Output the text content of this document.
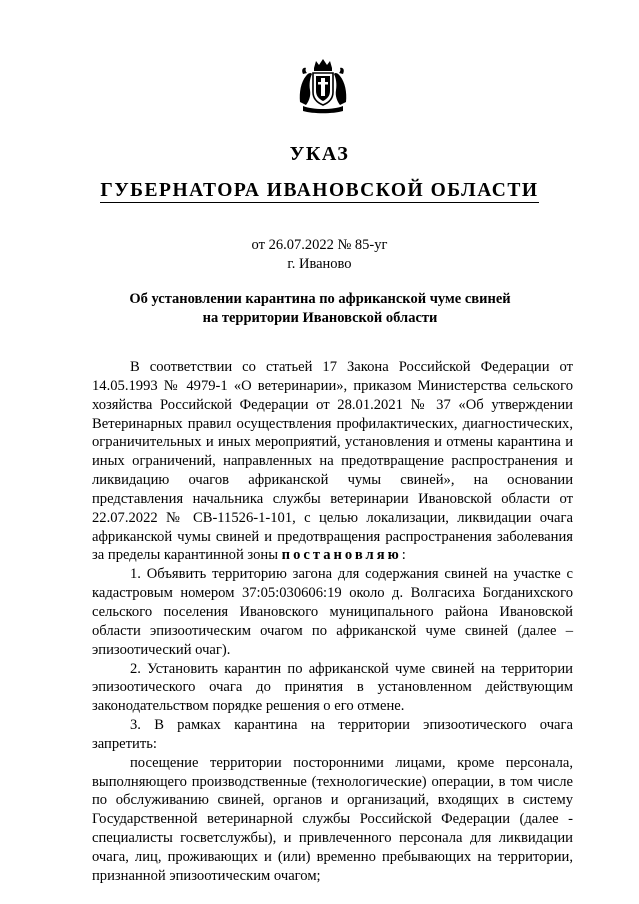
УКАЗ
ГУБЕРНАТОРА ИВАНОВСКОЙ ОБЛАСТИ
от 26.07.2022 № 85-уг
г. Иваново
Об установлении карантина по африканской чуме свиней
на территории Ивановской области

В соответствии со статьей 17 Закона Российской Федерации от 14.05.1993 № 4979-1 «О ветеринарии», приказом Министерства сельского хозяйства Российской Федерации от 28.01.2021 № 37 «Об утверждении Ветеринарных правил осуществления профилактических, диагностических, ограничительных и иных мероприятий, установления и отмены карантина и иных ограничений, направленных на предотвращение распространения и ликвидацию очагов африканской чумы свиней», на основании представления начальника службы ветеринарии Ивановской области от 22.07.2022 № СВ-11526-1-101, с целью локализации, ликвидации очага африканской чумы свиней и предотвращения распространения заболевания за пределы карантинной зоны постановляю:

1. Объявить территорию загона для содержания свиней на участке с кадастровым номером 37:05:030606:19 около д. Волгасиха Богданихского сельского поселения Ивановского муниципального района Ивановской области эпизоотическим очагом по африканской чуме свиней (далее – эпизоотический очаг).

2. Установить карантин по африканской чуме свиней на территории эпизоотического очага до принятия в установленном действующим законодательством порядке решения о его отмене.

3. В рамках карантина на территории эпизоотического очага запретить:

посещение территории посторонними лицами, кроме персонала, выполняющего производственные (технологические) операции, в том числе по обслуживанию свиней, органов и организаций, входящих в систему Государственной ветеринарной службы Российской Федерации (далее - специалисты госветслужбы), и привлеченного персонала для ликвидации очага, лиц, проживающих и (или) временно пребывающих на территории, признанной эпизоотическим очагом;
